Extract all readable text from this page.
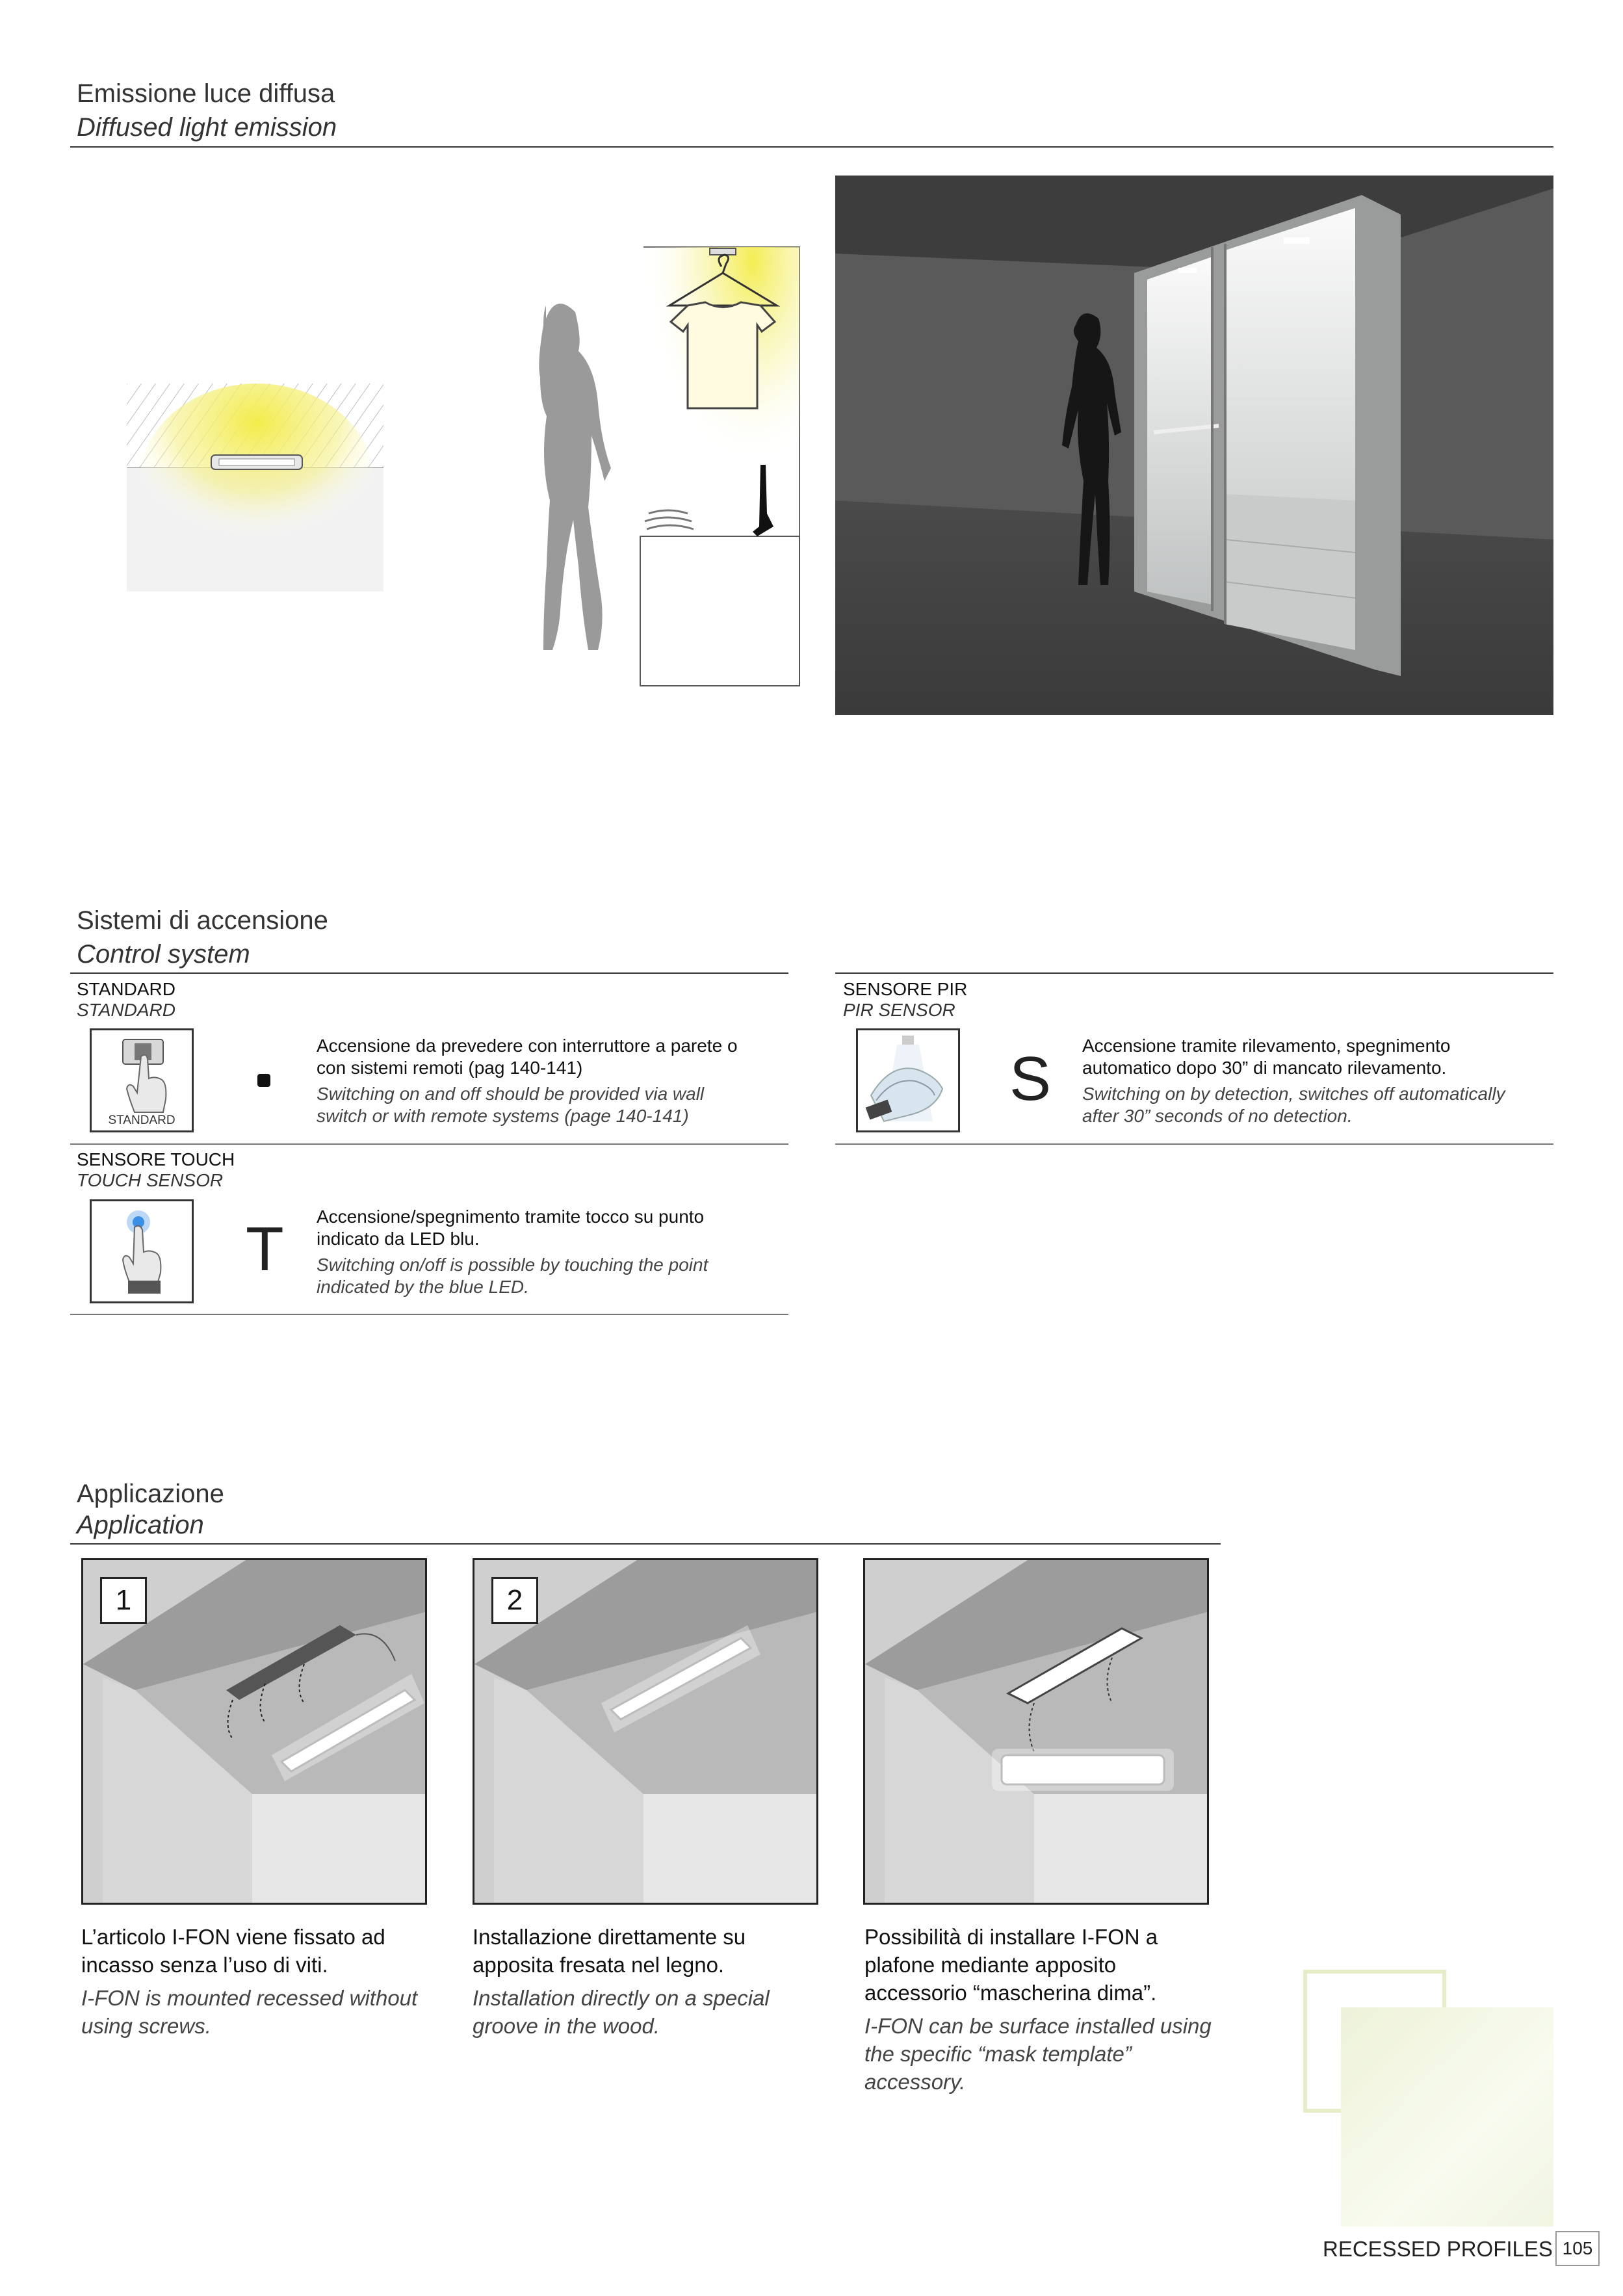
Emissione luce diffusa
Diffused light emission
Sistemi di accensione
Control system
STANDARD
STANDARD
STANDARD
Accensione da prevedere con interruttore a parete o con sistemi remoti (pag 140-141)
Switching on and off should be provided via wall switch or with remote systems (page 140-141)
SENSORE TOUCH
TOUCH SENSOR
T Accensione/spegnimento tramite tocco su punto indicato da LED blu.
Switching on/off is possible by touching the point indicated by the blue LED.
SENSORE PIR
PIR SENSOR
S Accensione tramite rilevamento, spegnimento automatico dopo 30” di mancato rilevamento.
Switching on by detection, switches off automatically after 30” seconds of no detection.
Applicazione
Application
1
L’articolo I-FON viene fissato ad incasso senza l’uso di viti.
I-FON is mounted recessed without using screws.
2
Installazione direttamente su apposita fresata nel legno.
Installation directly on a special groove in the wood.
Possibilità di installare I-FON a plafone mediante apposito accessorio “mascherina dima”.
I-FON can be surface installed using the specific “mask template” accessory.
RECESSED PROFILES 105
